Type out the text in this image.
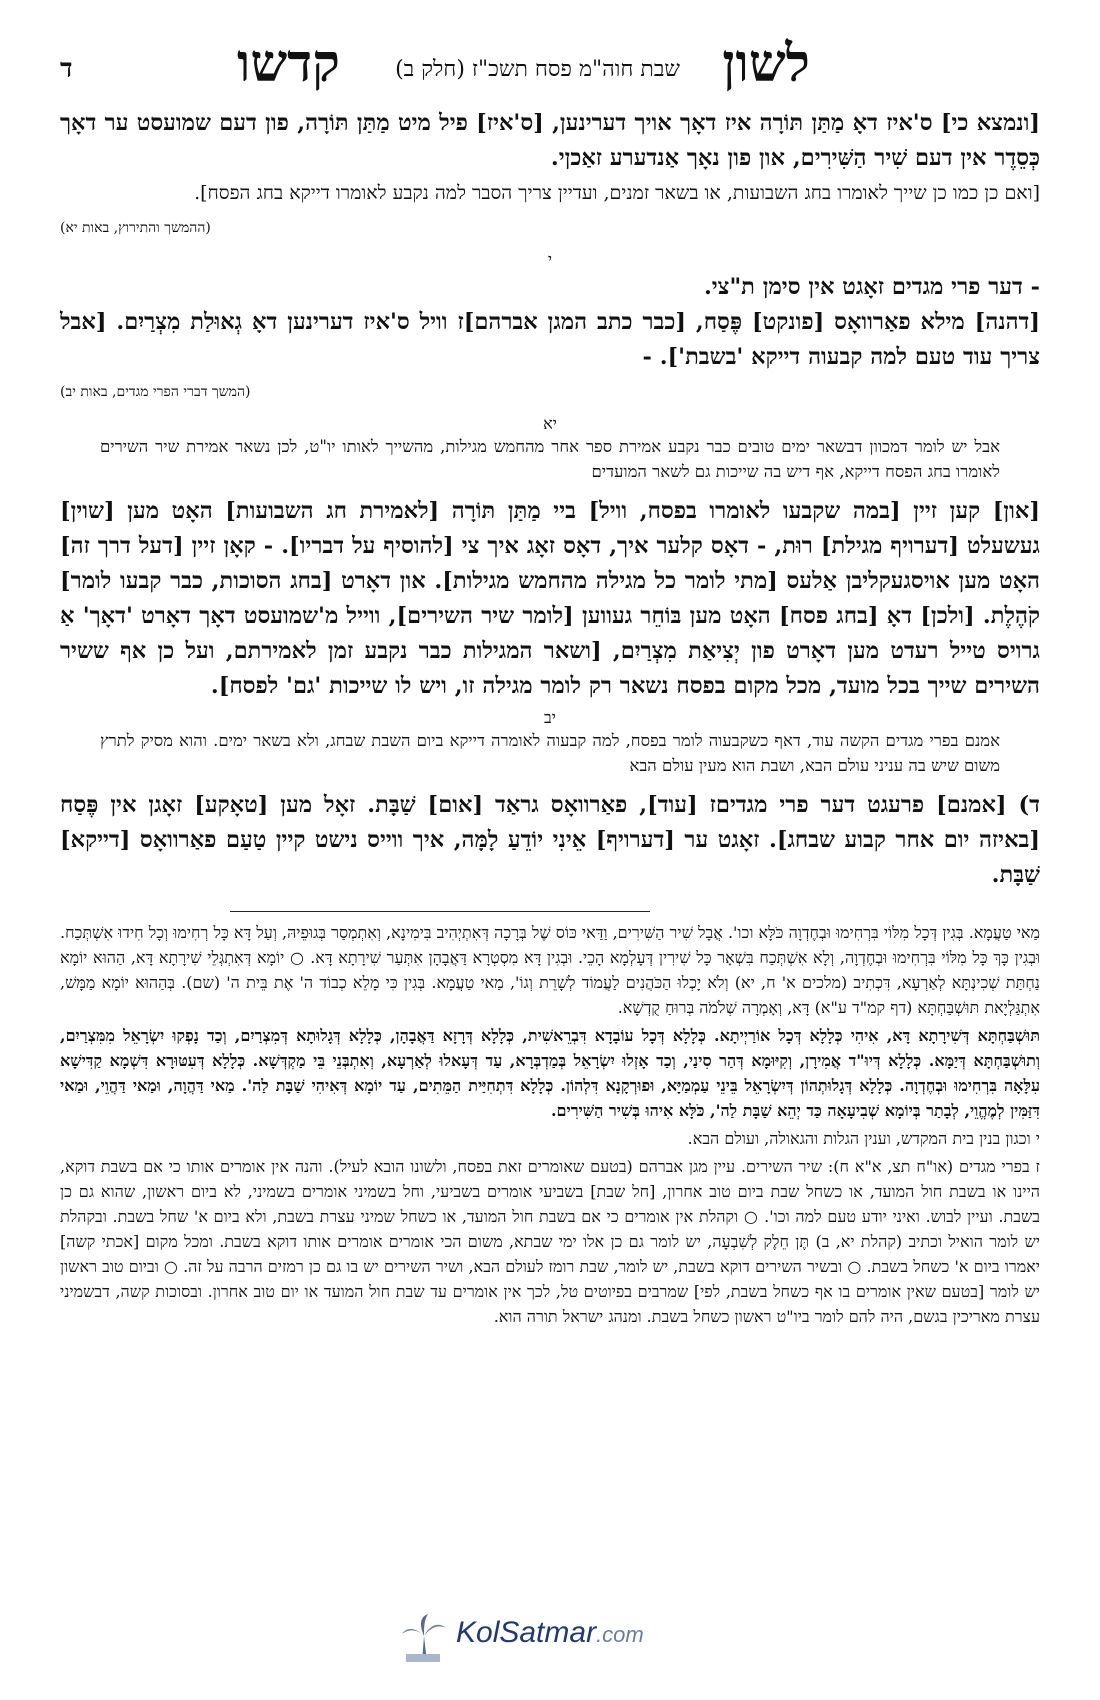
לשון
שבת חוה"מ פסח תשכ"ז (חלק ב)
קדשו
ד

[ונמצא כי] ס'איז דאָ מַתַּן תּוֹרָה איז דאָך אויך דערינען, [ס'איז] פיל מיט מַתַּן תּוֹרָה, פון דעם שמועסט ער דאָך כְּסֵדֶר אין דעם שִׁיר הַשִּׁירִים, און פון נאָך אַנדערע זאַכןי.

[ואם כן כמו כן שייך לאומרו בחג השבועות, או בשאר זמנים, ועדיין צריך הסבר למה נקבע לאומרו דייקא בחג הפסח].
(ההמשך והתירוץ, באות יא)
י

- דער פרי מגדים זאָגט אין סימן ת"צי.

[דהנה] מילא פאַרוואָס [פונקט] פֶּסַח, [כבר כתב המגן אברהם]ז וויל ס'איז דערינען דאָ גְאוּלַת מִצְרַיִם. [אבל צריך עוד טעם למה קבעוה דייקא 'בשבת']. -

(המשך דברי הפרי מגדים, באות יב)
יא
אבל יש לומר דמכוון דבשאר ימים טובים כבר נקבע אמירת ספר אחר מהחמש מגילות, מהשייך לאותו יו"ט, לכן נשאר אמירת שיר השירים לאומרו בחג הפסח דייקא, אף דיש בה שייכות גם לשאר המועדים

[און] קען זיין [במה שקבעו לאומרו בפסח, וויל] ביי מַתַּן תּוֹרָה [לאמירת חג השבועות] האָט מען [שוין] געשעלט [דערויף מגילת] רוּת, - דאָס קלער איך, דאָס זאָג איך צי [להוסיף על דבריו]. - קאָן זיין [דעל דרך זה] האָט מען אויסגעקליבן אַלעס [מתי לומר כל מגילה מהחמש מגילות]. און דאָרט [בחג הסוכות, כבר קבעו לומר] קֹהֶלֶת. [ולכן] דאָ [בחג פסח] האָט מען בּוֹחֵר געווען [לומר שיר השירים], ווייל מ'שמועסט דאָך דאָרט 'דאָך' אַ גרויס טייל רעדט מען דאָרט פון יְצִיאַת מִצְרַיִם, [ושאר המגילות כבר נקבע זמן לאמירתם, ועל כן אף ששיר השירים שייך בכל מועד, מכל מקום בפסח נשאר רק לומר מגילה זו, ויש לו שייכות 'גם' לפסח].

יב
אמנם בפרי מגדים הקשה עוד, דאף כשקבעוה לומר בפסח, למה קבעוה לאומרה דייקא ביום השבת שבחג, ולא בשאר ימים. והוא מסיק לתרץ משום שיש בה עניני עולם הבא, ושבת הוא מעין עולם הבא

ד) [אמנם] פרעגט דער פרי מגדיםז [עוד], פאַרוואָס גראַד [אום] שַׁבָּת. זאָל מען [טאָקע] זאָגן אין פֶּסַח [באיזה יום אחר קבוע שבחג]. זאָגט ער [דערויף] אֵינִי יוֹדֵעַ לָמָּה, איך ווייס נישט קיין טַעַם פאַרוואָס [דייקא] שַׁבָּת.

מַאי טַעֲמָא. בְּגִין דְּכָל מִלּוֹי בִּרְחִימוּ וּבְחֶדְוָה כֹּלָּא וכו'. אֲבָל שִׁיר הַשִּׁירִים, וַדַּאי כּוֹס שֶׁל בְּרָכָה דְּאִתְיְהִיב בִּימִינָא, וְאִתְמְסַר בְּגוּפֵיהּ, וְעַל דָּא כָּל רְחִימוּ וְכָל חִידוּ אִשְׁתְּכַח. וּבְגִין כָּךְ כָּל מִלּוֹי בִּרְחִימוּ וּבְחֶדְוָה, וְלָא אִשְׁתְּכַח בִּשְׁאָר כָּל שִׁירִין דְּעָלְמָא הָכֵי. וּבְגִין דָּא מִסְטְרָא דַּאֲבָהָן אִתְּעַר שִׁירָתָא דָּא. ○ יוֹמָא דְּאִתְגְּלֵי שִׁירָתָא דָּא, הַהוּא יוֹמָא נַחְתַּת שְׁכִינְתָּא לְאַרְעָא, דִּכְתִיב (מלכים א' ח, יא) וְלֹא יָכְלוּ הַכֹּהֲנִים לַעֲמוֹד לְשָׁרֵת וְגוֹ', מַאי טַעֲמָא. בְּגִין כִּי מָלֵא כְבוֹד ה' אֶת בֵּית ה' (שם). בְּהַהוּא יוֹמָא מַמָּשׁ, אִתְגַּלְיָאת תּוּשְׁבַּחְתָּא (דף קמ"ד ע"א) דָּא, וְאָמְרָה שְׁלֹמֹה בְּרוּחַ קֻדְשָׁא.

תּוּשְׁבַּחְתָּא דְּשִׁירָתָא דָּא, אִיהִי כְּלָלָא דְּכָל אוֹרַיְיתָא. כְּלָלָא דְּכָל עוֹבָדָא דִּבְרֵאשִׁית, כְּלָלָא דְּרָזָא דַּאֲבָהָן, כְּלָלָא דְּגָלוּתָא דְּמִצְרַיִם, וְכַד נָפְקוּ יִשְׂרָאֵל מִמִּצְרַיִם, וְתוּשְׁבַּחְתָּא דְּיַמָּא. כְּלָלָא דְּיוּ"ד אֲמִירָן, וְקִיּוּמָא דְּהַר סִינַי, וְכַד אָזְלוּ יִשְׂרָאֵל בְּמַדְבְּרָא, עַד דְּעָאלוּ לְאַרְעָא, וְאִתְבְּנֵי בֵּי מַקְדְּשָׁא. כְּלָלָא דְּעִטּוּרָא דִּשְׁמָא קַדִּישָׁא עִלָּאָה בִּרְחִימוּ וּבְחֶדְוָה. כְּלָלָא דְּגָלוּתְהוֹן דְּיִשְׂרָאֵל בֵּינֵי עַמְמַיָּא, וּפוּרְקָנָא דִּלְהוֹן. כְּלָלָא דִּתְחִיַּית הַמֵּתִים, עַד יוֹמָא דְּאִיהִי שַׁבָּת לַה'. מַאי דַּהֲוָה, וּמַאי דַּהֲוֵי, וּמַאי דִּזַּמִּין לְמֶהֱוֵי, לְבָתַר בְּיוֹמָא שְׁבִיעָאָה כַּד יְהֵא שַׁבָּת לַה', כֹּלָּא אִיהוּ בְּשִׁיר הַשִּׁירִים.

י וכגון בנין בית המקדש, וענין הגלות והגאולה, ועולם הבא.

ז בפרי מגדים (או"ח תצ, א"א ח): שיר השירים. עיין מגן אברהם (בטעם שאומרים זאת בפסח, ולשונו הובא לעיל). והנה אין אומרים אותו כי אם בשבת דוקא, היינו או בשבת חול המועד, או כשחל שבת ביום טוב אחרון, [חל שבת] בשביעי אומרים בשביעי, וחל בשמיני אומרים בשמיני, לא ביום ראשון, שהוא גם כן בשבת. ועיין לבוש. ואיני יודע טעם למה וכו'. ○ וקהלת אין אומרים כי אם בשבת חול המועד, או כשחל שמיני עצרת בשבת, ולא ביום א' שחל בשבת. ובקהלת יש לומר הואיל וכתיב (קהלת יא, ב) תֶּן חֵלֶק לְשִׁבְעָה, יש לומר גם כן אלו ימי שבתא, משום הכי אומרים אומרים אותו דוקא בשבת. ומכל מקום [אכתי קשה] יאמרו ביום א' כשחל בשבת. ○ ובשיר השירים דוקא בשבת, יש לומר, שבת רומז לעולם הבא, ושיר השירים יש בו גם כן רמזים הרבה על זה. ○ וביום טוב ראשון יש לומר [בטעם שאין אומרים בו אף כשחל בשבת, לפי] שמרבים בפיוטים טל, לכך אין אומרים עד שבת חול המועד או יום טוב אחרון. ובסוכות קשה, דבשמיני עצרת מאריכין בגשם, היה להם לומר ביו"ט ראשון כשחל בשבת. ומנהג ישראל תורה הוא.

KolSatmar.com
